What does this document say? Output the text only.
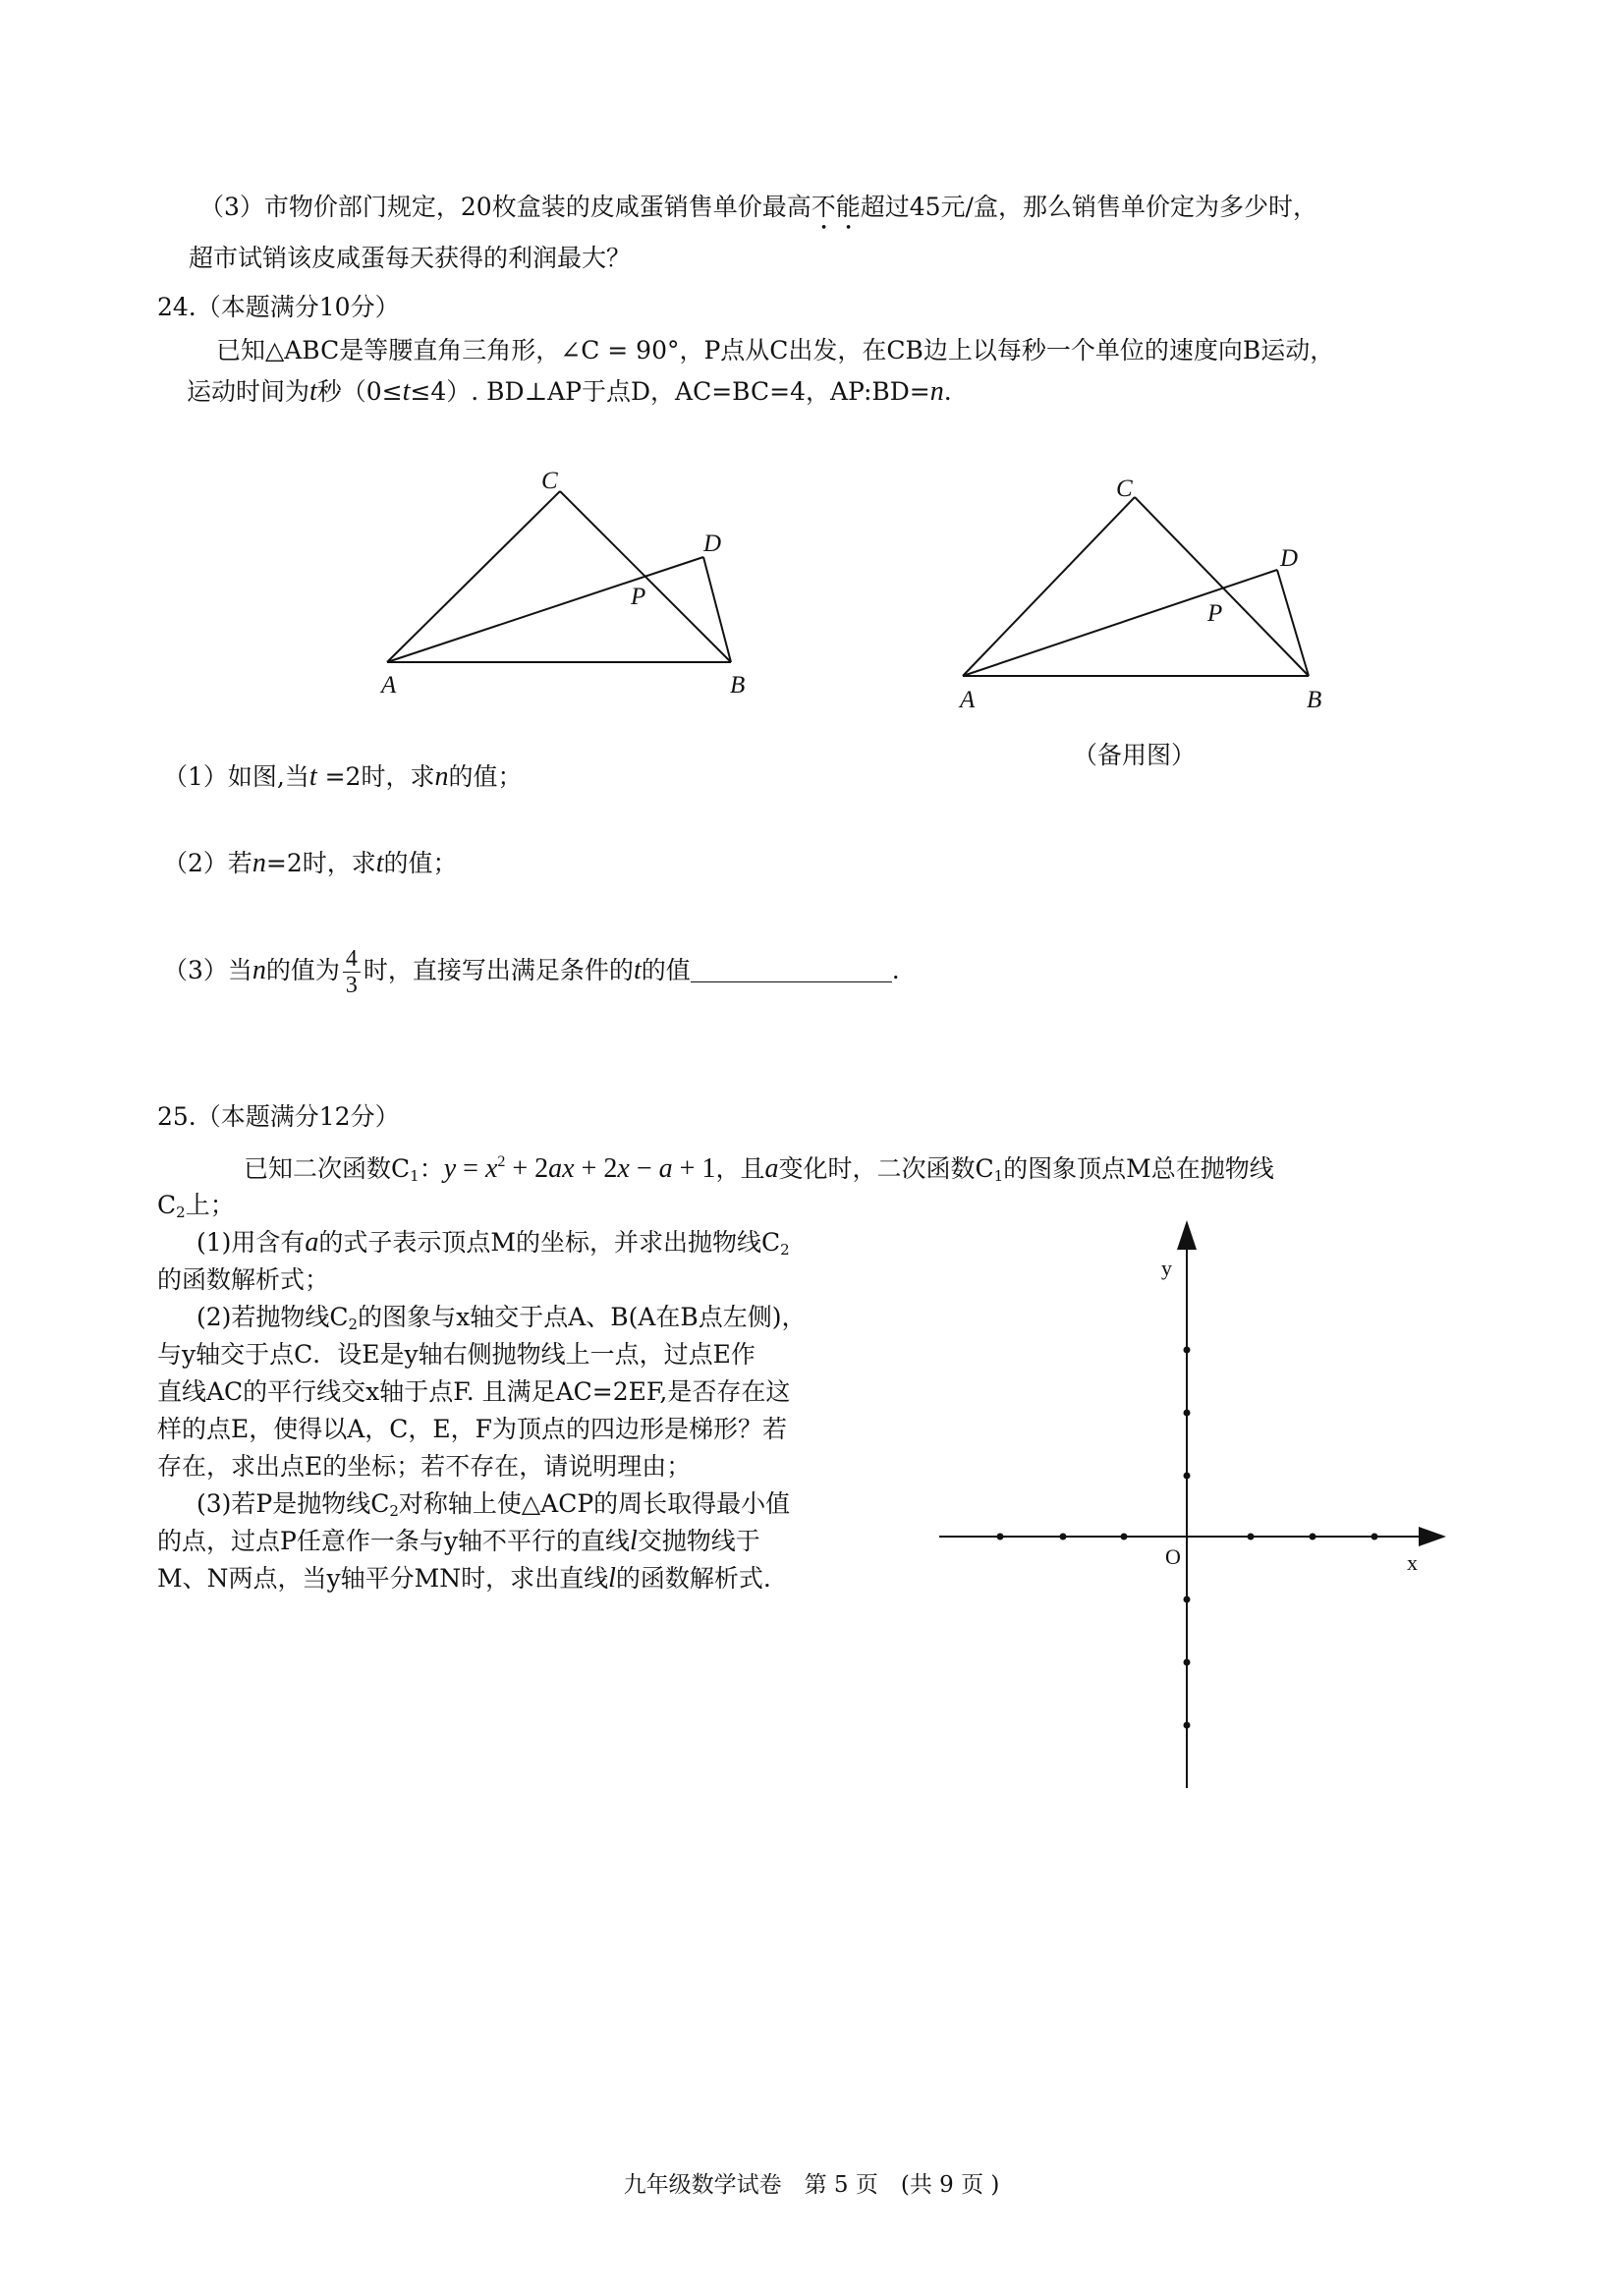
（3）市物价部门规定，20枚盒装的皮咸蛋销售单价最高不能超过45元/盒，那么销售单价定为多少时，
超市试销该皮咸蛋每天获得的利润最大？
24.（本题满分10分）
已知△ABC是等腰直角三角形，∠C = 90°，P点从C出发，在CB边上以每秒一个单位的速度向B运动，
运动时间为t秒（0≤t≤4）. BD⊥AP于点D，AC=BC=4，AP:BD=n.
A	B
C
D
P
A	B
C
D
P
（备用图）
（1）如图,当t =2时，求n的值；
（2）若n=2时，求t的值；
（3）当n的值为 $\frac{4}{3}$ 时，直接写出满足条件的t的值	.
25.（本题满分12分）
已知二次函数$C_1$：$y = x^2 + 2ax + 2x - a + 1$，且a变化时，二次函数$C_1$的图象顶点M总在抛物线
$C_2$上；
(1)用含有a的式子表示顶点M的坐标，并求出抛物线$C_2$
的函数解析式；
(2)若抛物线$C_2$的图象与x轴交于点A、B(A在B点左侧)，
与y轴交于点C．设E是y轴右侧抛物线上一点，过点E作
直线AC的平行线交x轴于点F. 且满足AC=2EF,是否存在这
样的点E，使得以A，C，E，F为顶点的四边形是梯形？若
存在，求出点E的坐标；若不存在，请说明理由；
(3)若P是抛物线$C_2$对称轴上使△ACP的周长取得最小值
的点，过点P任意作一条与y轴不平行的直线l交抛物线于
M、N两点，当y轴平分MN时，求出直线l的函数解析式.
y
x
O
九年级数学试卷　第 5 页　(共 9 页 )
